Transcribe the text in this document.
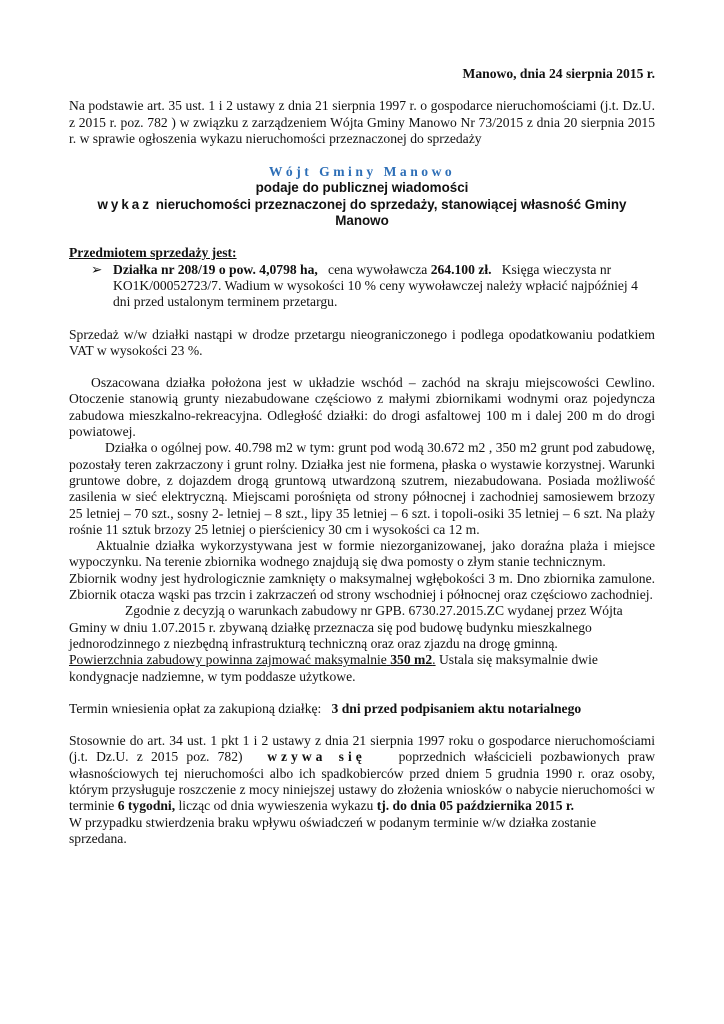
Manowo, dnia 24 sierpnia 2015 r.
Na podstawie art. 35 ust. 1 i 2 ustawy z dnia 21 sierpnia 1997 r. o gospodarce nieruchomościami (j.t. Dz.U. z 2015 r. poz. 782 ) w związku z zarządzeniem Wójta Gminy Manowo Nr 73/2015 z dnia 20 sierpnia 2015 r. w sprawie ogłoszenia wykazu nieruchomości przeznaczonej do sprzedaży
Wójt Gminy Manowo
podaje do publicznej wiadomości
wykaz nieruchomości przeznaczonej do sprzedaży, stanowiącej własność Gminy Manowo
Przedmiotem sprzedaży jest:
➢ Działka nr 208/19 o pow. 4,0798 ha, cena wywoławcza 264.100 zł. Księga wieczysta nr KO1K/00052723/7. Wadium w wysokości 10 % ceny wywoławczej należy wpłacić najpóźniej 4 dni przed ustalonym terminem przetargu.
Sprzedaż w/w działki nastąpi w drodze przetargu nieograniczonego i podlega opodatkowaniu podatkiem VAT w wysokości 23 %.
Oszacowana działka położona jest w układzie wschód – zachód na skraju miejscowości Cewlino. Otoczenie stanowią grunty niezabudowane częściowo z małymi zbiornikami wodnymi oraz pojedyncza zabudowa mieszkalno-rekreacyjna. Odległość działki: do drogi asfaltowej 100 m i dalej 200 m do drogi powiatowej.
Działka o ogólnej pow. 40.798 m2 w tym: grunt pod wodą 30.672 m2 , 350 m2 grunt pod zabudowę, pozostały teren zakrzaczony i grunt rolny. Działka jest nie formena, płaska o wystawie korzystnej. Warunki gruntowe dobre, z dojazdem drogą gruntową utwardzoną szutrem, niezabudowana. Posiada możliwość zasilenia w sieć elektryczną. Miejscami porośnięta od strony północnej i zachodniej samosiewem brzozy 25 letniej – 70 szt., sosny 2- letniej – 8 szt., lipy 35 letniej – 6 szt. i topoli-osiki 35 letniej – 6 szt. Na plaży rośnie 11 sztuk brzozy 25 letniej o pierścienicy 30 cm i wysokości ca 12 m.
Aktualnie działka wykorzystywana jest w formie niezorganizowanej, jako doraźna plaża i miejsce wypoczynku. Na terenie zbiornika wodnego znajdują się dwa pomosty o złym stanie technicznym.
Zbiornik wodny jest hydrologicznie zamknięty o maksymalnej wgłębokości 3 m. Dno zbiornika zamulone. Zbiornik otacza wąski pas trzcin i zakrzaczeń od strony wschodniej i północnej oraz częściowo zachodniej.
Zgodnie z decyzją o warunkach zabudowy nr GPB. 6730.27.2015.ZC wydanej przez Wójta Gminy w dniu 1.07.2015 r. zbywaną działkę przeznacza się pod budowę budynku mieszkalnego jednorodzinnego z niezbędną infrastrukturą techniczną oraz oraz zjazdu na drogę gminną.
Powierzchnia zabudowy powinna zajmować maksymalnie 350 m2. Ustala się maksymalnie dwie kondygnacje nadziemne, w tym poddasze użytkowe.
Termin wniesienia opłat za zakupioną działkę: 3 dni przed podpisaniem aktu notarialnego
Stosownie do art. 34 ust. 1 pkt 1 i 2 ustawy z dnia 21 sierpnia 1997 roku o gospodarce nieruchomościami (j.t. Dz.U. z 2015 poz. 782) wzywa się poprzednich właścicieli pozbawionych praw własnościowych tej nieruchomości albo ich spadkobierców przed dniem 5 grudnia 1990 r. oraz osoby, którym przysługuje roszczenie z mocy niniejszej ustawy do złożenia wniosków o nabycie nieruchomości w terminie 6 tygodni, licząc od dnia wywieszenia wykazu tj. do dnia 05 października 2015 r.
W przypadku stwierdzenia braku wpływu oświadczeń w podanym terminie w/w działka zostanie sprzedana.
